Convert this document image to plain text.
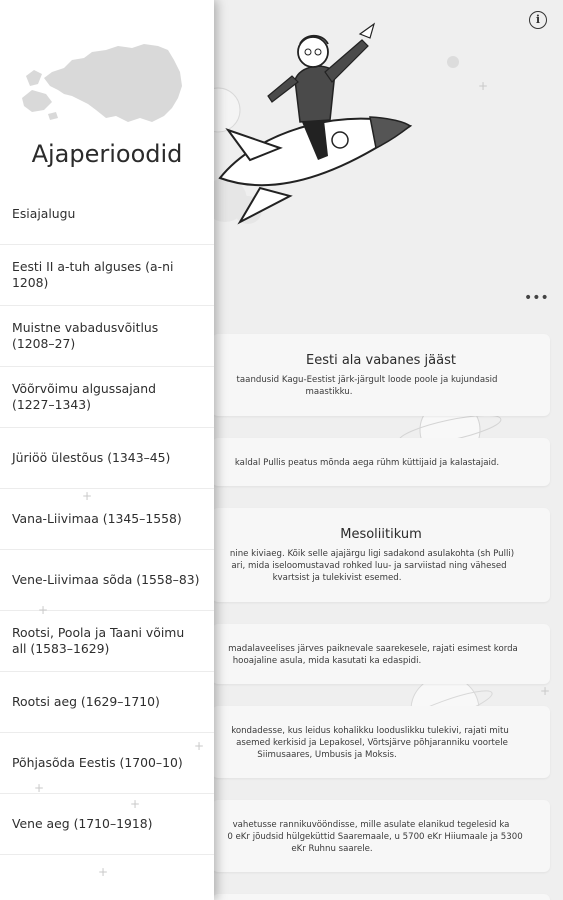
+
+
i
•••
Eesti ala vabanes jääst
taandusid Kagu-Eestist järk-järgult loode poole ja kujundasid
maastikku.
kaldal Pullis peatus mõnda aega rühm küttijaid ja kalastajaid.
Mesoliitikum
nine kiviaeg. Kõik selle ajajärgu ligi sadakond asulakohta (sh Pulli)
ari, mida iseloomustavad rohked luu- ja sarviistad ning vähesed
kvartsist ja tulekivist esemed.
madalaveelises järves paiknevale saarekesele, rajati esimest korda
hooajaline asula, mida kasutati ka edaspidi.
kondadesse, kus leidus kohalikku looduslikku tulekivi, rajati mitu
asemed kerkisid ja Lepakosel, Võrtsjärve põhjaranniku voortele
Siimusaares, Umbusis ja Moksis.
vahetusse rannikuvööndisse, mille asulate elanikud tegelesid ka
0 eKr jõudsid hülgeküttid Saaremaale, u 5700 eKr Hiiumaale ja 5300
eKr Ruhnu saarele.
Ajaperioodid
Esiajalugu
Eesti II a-tuh alguses (a-ni 1208)
Muistne vabadusvõitlus (1208–27)
Võõrvõimu algussajand (1227–1343)
Jüriöö ülestõus (1343–45)
Vana-Liivimaa (1345–1558)
Vene-Liivimaa sõda (1558–83)
Rootsi, Poola ja Taani võimu all (1583–1629)
Rootsi aeg (1629–1710)
Põhjasõda Eestis (1700–10)
Vene aeg (1710–1918)
+
+
+
+
+
+
